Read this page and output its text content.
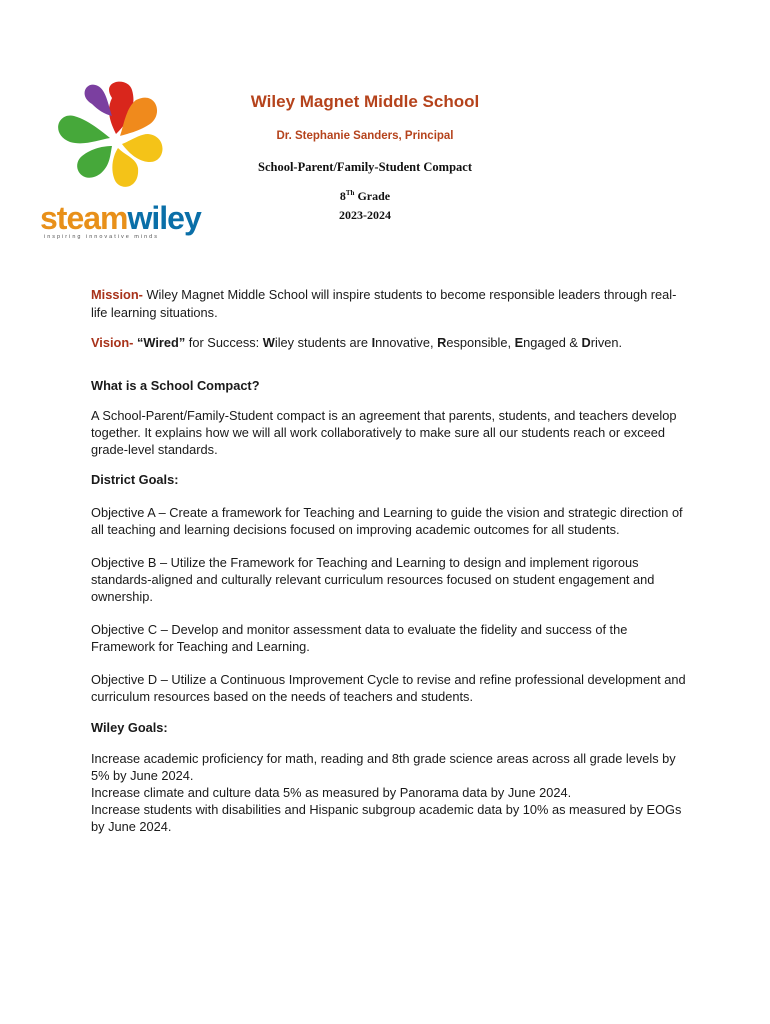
steamwiley
inspiring innovative minds

Wiley Magnet Middle School

Dr. Stephanie Sanders, Principal
School-Parent/Family-Student Compact
8Th Grade
2023-2024

Mission- Wiley Magnet Middle School will inspire students to become responsible leaders through real-life learning situations.

Vision- “Wired” for Success: Wiley students are Innovative, Responsible, Engaged & Driven.

What is a School Compact?

A School-Parent/Family-Student compact is an agreement that parents, students, and teachers develop together. It explains how we will all work collaboratively to make sure all our students reach or exceed grade-level standards.

District Goals:

Objective A – Create a framework for Teaching and Learning to guide the vision and strategic direction of all teaching and learning decisions focused on improving academic outcomes for all students.

Objective B – Utilize the Framework for Teaching and Learning to design and implement rigorous standards-aligned and culturally relevant curriculum resources focused on student engagement and ownership.

Objective C – Develop and monitor assessment data to evaluate the fidelity and success of the Framework for Teaching and Learning.

Objective D – Utilize a Continuous Improvement Cycle to revise and refine professional development and curriculum resources based on the needs of teachers and students.

Wiley Goals:

Increase academic proficiency for math, reading and 8th grade science areas across all grade levels by 5% by June 2024.

Increase climate and culture data 5% as measured by Panorama data by June 2024.

Increase students with disabilities and Hispanic subgroup academic data by 10% as measured by EOGs by June 2024.
